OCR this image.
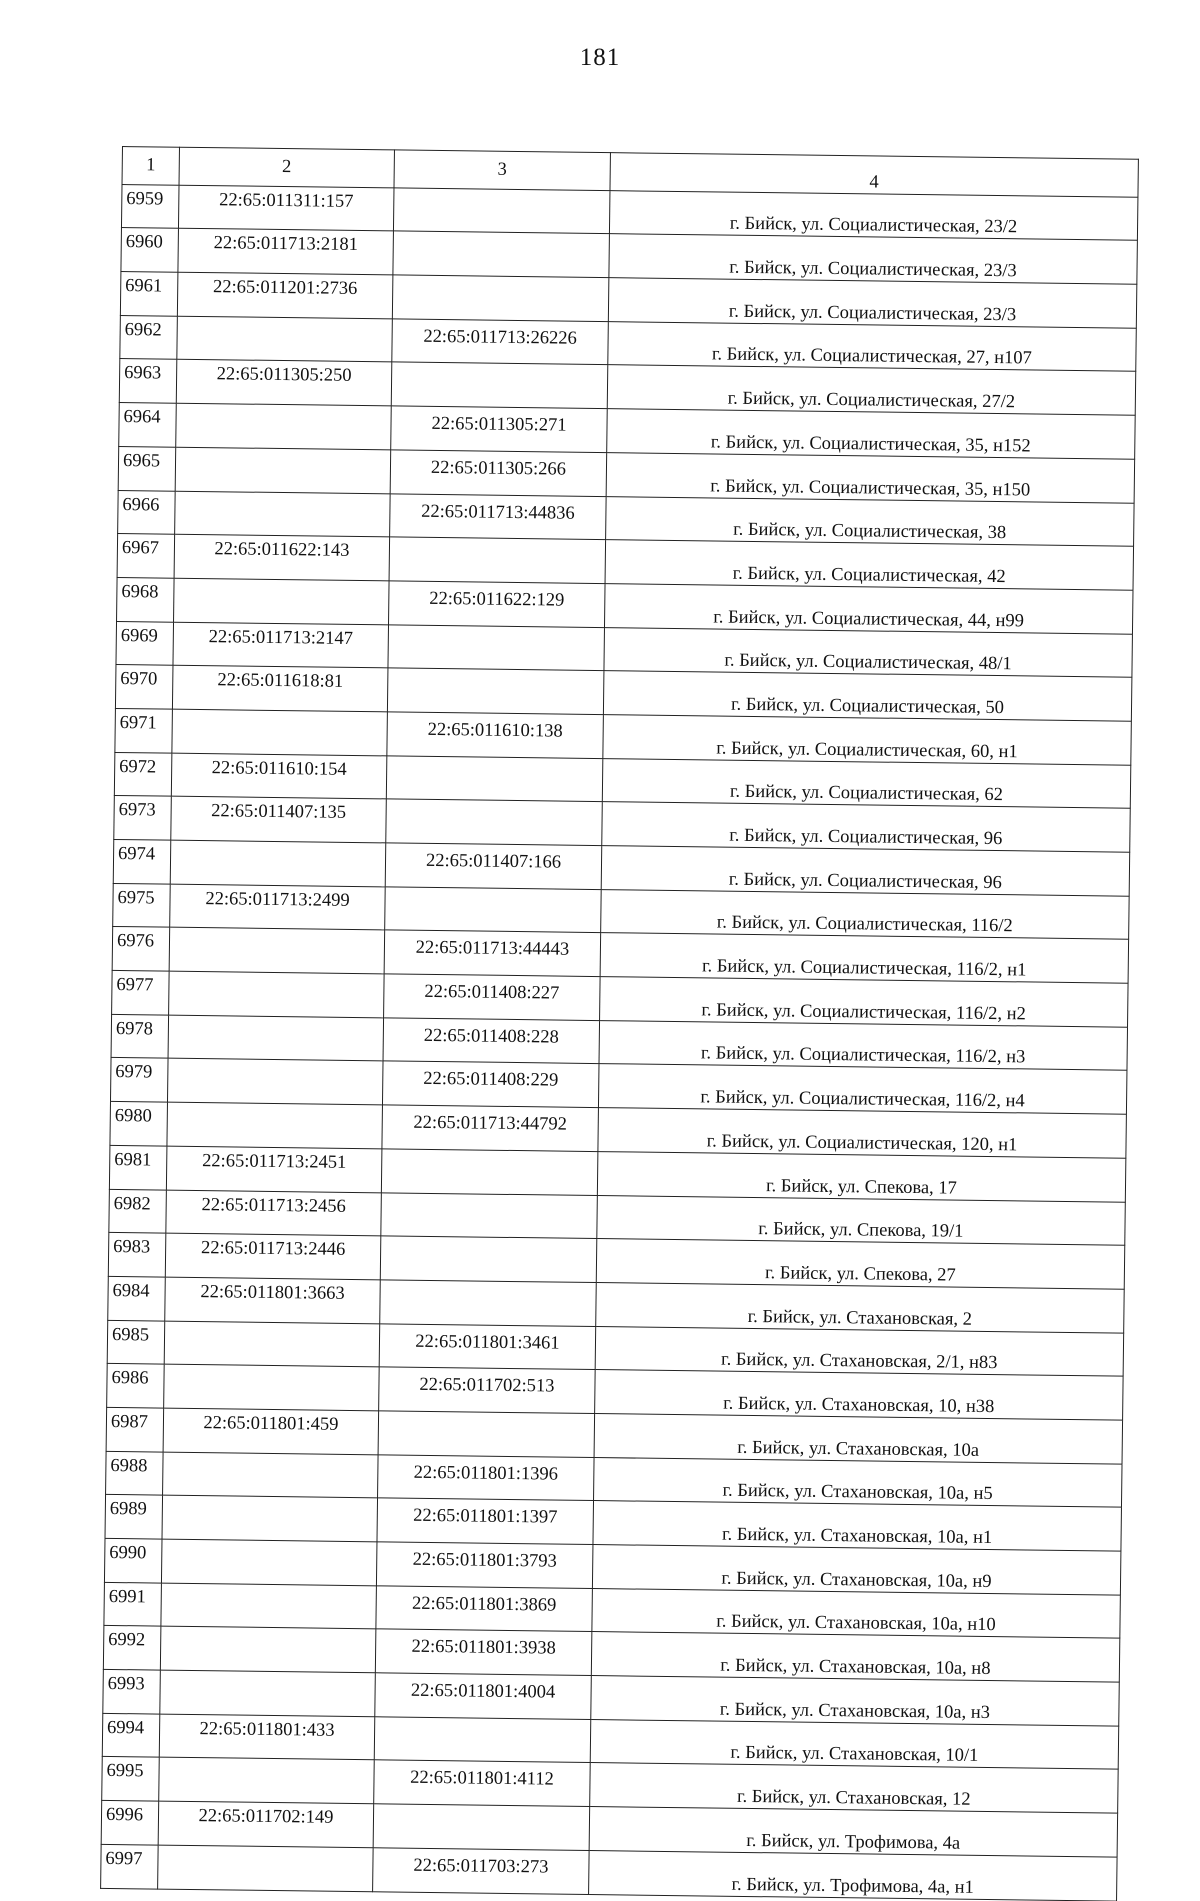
181
1	2	3	4
6959	22:65:011311:157		г. Бийск, ул. Социалистическая, 23/2
6960	22:65:011713:2181		г. Бийск, ул. Социалистическая, 23/3
6961	22:65:011201:2736		г. Бийск, ул. Социалистическая, 23/3
6962		22:65:011713:26226	г. Бийск, ул. Социалистическая, 27, н107
6963	22:65:011305:250		г. Бийск, ул. Социалистическая, 27/2
6964		22:65:011305:271	г. Бийск, ул. Социалистическая, 35, н152
6965		22:65:011305:266	г. Бийск, ул. Социалистическая, 35, н150
6966		22:65:011713:44836	г. Бийск, ул. Социалистическая, 38
6967	22:65:011622:143		г. Бийск, ул. Социалистическая, 42
6968		22:65:011622:129	г. Бийск, ул. Социалистическая, 44, н99
6969	22:65:011713:2147		г. Бийск, ул. Социалистическая, 48/1
6970	22:65:011618:81		г. Бийск, ул. Социалистическая, 50
6971		22:65:011610:138	г. Бийск, ул. Социалистическая, 60, н1
6972	22:65:011610:154		г. Бийск, ул. Социалистическая, 62
6973	22:65:011407:135		г. Бийск, ул. Социалистическая, 96
6974		22:65:011407:166	г. Бийск, ул. Социалистическая, 96
6975	22:65:011713:2499		г. Бийск, ул. Социалистическая, 116/2
6976		22:65:011713:44443	г. Бийск, ул. Социалистическая, 116/2, н1
6977		22:65:011408:227	г. Бийск, ул. Социалистическая, 116/2, н2
6978		22:65:011408:228	г. Бийск, ул. Социалистическая, 116/2, н3
6979		22:65:011408:229	г. Бийск, ул. Социалистическая, 116/2, н4
6980		22:65:011713:44792	г. Бийск, ул. Социалистическая, 120, н1
6981	22:65:011713:2451		г. Бийск, ул. Спекова, 17
6982	22:65:011713:2456		г. Бийск, ул. Спекова, 19/1
6983	22:65:011713:2446		г. Бийск, ул. Спекова, 27
6984	22:65:011801:3663		г. Бийск, ул. Стахановская, 2
6985		22:65:011801:3461	г. Бийск, ул. Стахановская, 2/1, н83
6986		22:65:011702:513	г. Бийск, ул. Стахановская, 10, н38
6987	22:65:011801:459		г. Бийск, ул. Стахановская, 10а
6988		22:65:011801:1396	г. Бийск, ул. Стахановская, 10а, н5
6989		22:65:011801:1397	г. Бийск, ул. Стахановская, 10а, н1
6990		22:65:011801:3793	г. Бийск, ул. Стахановская, 10а, н9
6991		22:65:011801:3869	г. Бийск, ул. Стахановская, 10а, н10
6992		22:65:011801:3938	г. Бийск, ул. Стахановская, 10а, н8
6993		22:65:011801:4004	г. Бийск, ул. Стахановская, 10а, н3
6994	22:65:011801:433		г. Бийск, ул. Стахановская, 10/1
6995		22:65:011801:4112	г. Бийск, ул. Стахановская, 12
6996	22:65:011702:149		г. Бийск, ул. Трофимова, 4а
6997		22:65:011703:273	г. Бийск, ул. Трофимова, 4а, н1
